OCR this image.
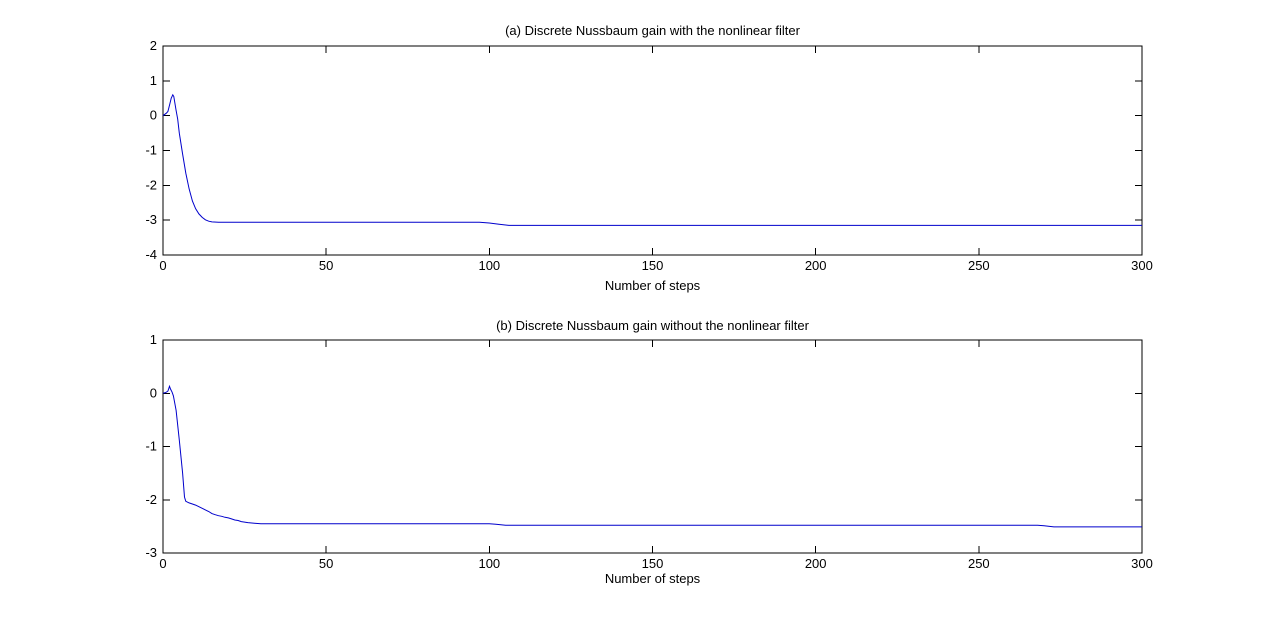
0	50	100	150	200	250	300
2
1
0
-1
-2
-3
-4
0	50	100	150	200	250	300
1
0
-1
-2
-3
(a) Discrete Nussbaum gain with the nonlinear filter
Number of steps
(b) Discrete Nussbaum gain without the nonlinear filter
Number of steps
